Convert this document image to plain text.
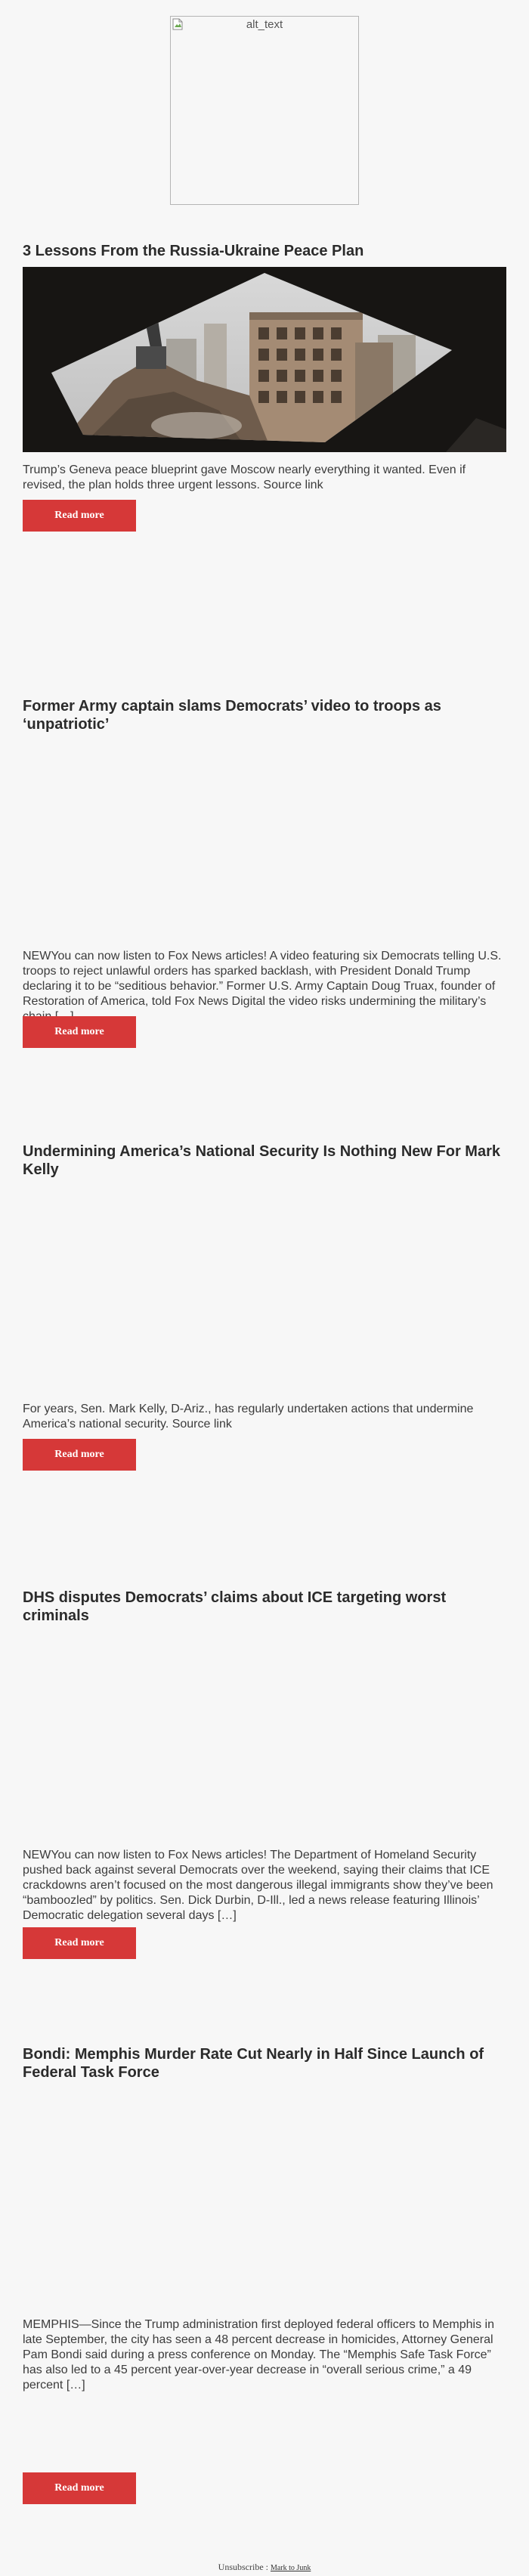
alt_text
3 Lessons From the Russia-Ukraine Peace Plan

Trump’s Geneva peace blueprint gave Moscow nearly everything it wanted. Even if revised, the plan holds three urgent lessons. Source link

Read more
Former Army captain slams Democrats’ video to troops as ‘unpatriotic’

NEWYou can now listen to Fox News articles! A video featuring six Democrats telling U.S. troops to reject unlawful orders has sparked backlash, with President Donald Trump declaring it to be “seditious behavior.” Former U.S. Army Captain Doug Truax, founder of Restoration of America, told Fox News Digital the video risks undermining the military’s

Read more
Undermining America’s National Security Is Nothing New For Mark Kelly

For years, Sen. Mark Kelly, D-Ariz., has regularly undertaken actions that undermine America’s national security. Source link

Read more
DHS disputes Democrats’ claims about ICE targeting worst criminals

NEWYou can now listen to Fox News articles! The Department of Homeland Security pushed back against several Democrats over the weekend, saying their claims that ICE crackdowns aren’t focused on the most dangerous illegal immigrants show they’ve been “bamboozled” by politics. Sen. Dick Durbin, D-Ill., led a news release featuring Illinois’ Democratic delegation several days […]

Read more
Bondi: Memphis Murder Rate Cut Nearly in Half Since Launch of Federal Task Force

MEMPHIS—Since the Trump administration first deployed federal officers to Memphis in late September, the city has seen a 48 percent decrease in homicides, Attorney General Pam Bondi said during a press conference on Monday. The “Memphis Safe Task Force” has also led to a 45 percent year-over-year decrease in “overall serious crime,” a 49 percent […]

Read more
Unsubscribe : Mark to Junk
